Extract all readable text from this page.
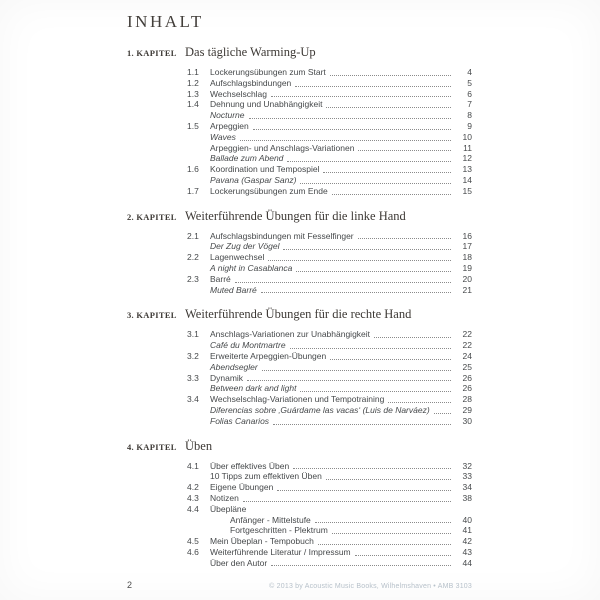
INHALT
1. KAPITEL Das tägliche Warming-Up
1.1	Lockerungsübungen zum Start	4
1.2	Aufschlagsbindungen	5
1.3	Wechselschlag	6
1.4	Dehnung und Unabhängigkeit	7
Nocturne	8
1.5	Arpeggien	9
Waves	10
Arpeggien- und Anschlags-Variationen	11
Ballade zum Abend	12
1.6	Koordination und Tempospiel	13
Pavana (Gaspar Sanz)	14
1.7	Lockerungsübungen zum Ende	15
2. KAPITEL Weiterführende Übungen für die linke Hand
2.1	Aufschlagsbindungen mit Fesselfinger	16
Der Zug der Vögel	17
2.2	Lagenwechsel	18
A night in Casablanca	19
2.3	Barré	20
Muted Barré	21
3. KAPITEL Weiterführende Übungen für die rechte Hand
3.1	Anschlags-Variationen zur Unabhängigkeit	22
Café du Montmartre	22
3.2	Erweiterte Arpeggien-Übungen	24
Abendsegler	25
3.3	Dynamik	26
Between dark and light	26
3.4	Wechselschlag-Variationen und Tempotraining	28
Diferencias sobre ‚Guárdame las vacas‘ (Luis de Narváez)	29
Folias Canarios	30
4. KAPITEL Üben
4.1	Über effektives Üben	32
10 Tipps zum effektiven Üben	33
4.2	Eigene Übungen	34
4.3	Notizen	38
4.4	Übepläne
Anfänger - Mittelstufe	40
Fortgeschritten - Plektrum	41
4.5	Mein Übeplan - Tempobuch	42
4.6	Weiterführende Literatur / Impressum	43
Über den Autor	44
2	© 2013 by Acoustic Music Books, Wilhelmshaven • AMB 3103
